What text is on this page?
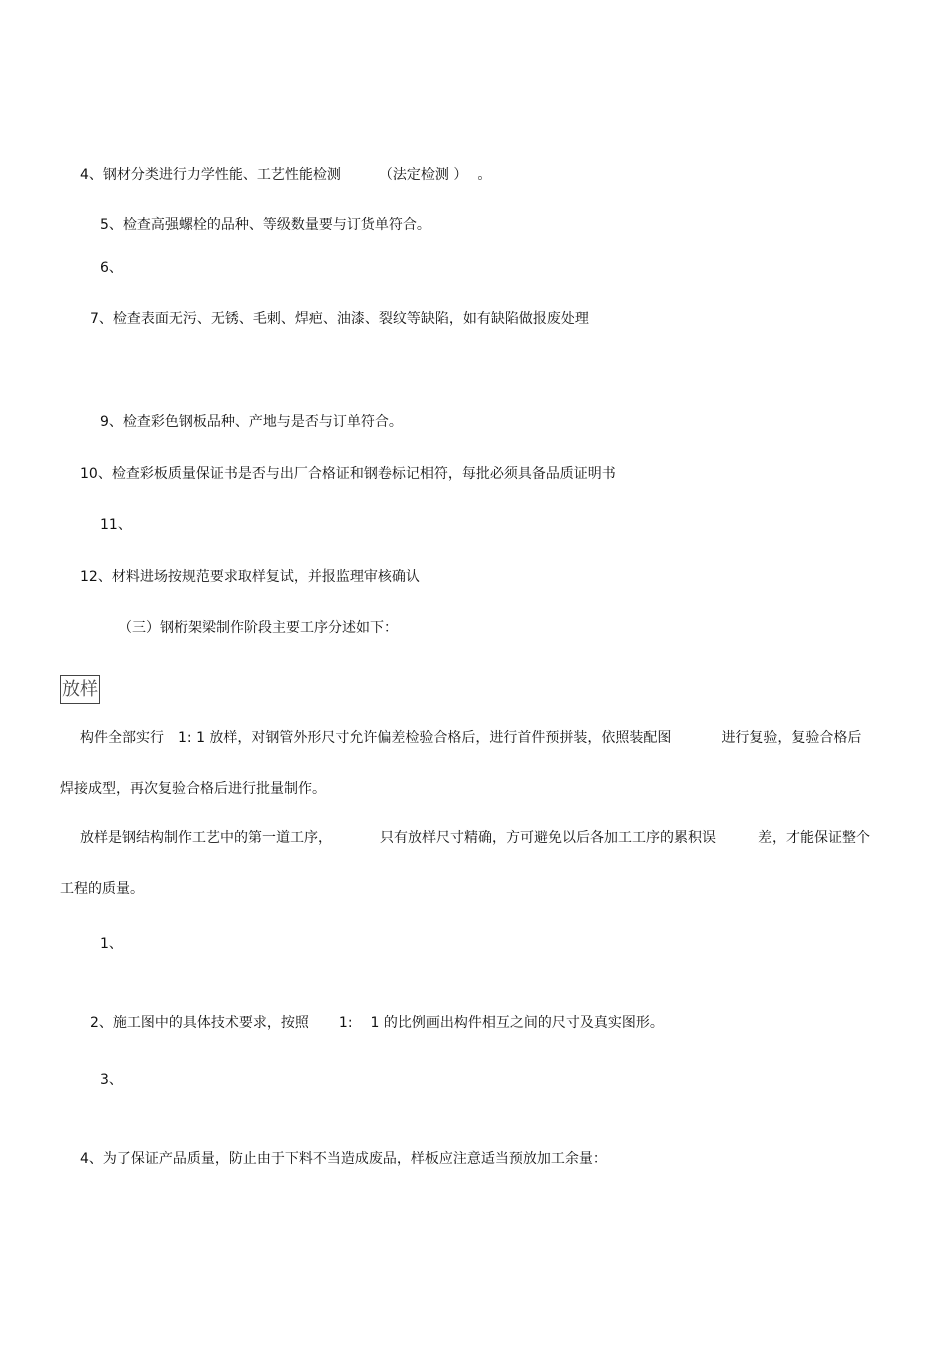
4、钢材分类进行力学性能、工艺性能检测	（法定检测 ） 。
5、检查高强螺栓的品种、等级数量要与订货单符合。
6、
7、检查表面无污、无锈、毛刺、焊疤、油漆、裂纹等缺陷，如有缺陷做报废处理
9、检查彩色钢板品种、产地与是否与订单符合。
10、检查彩板质量保证书是否与出厂合格证和钢卷标记相符，每批必须具备品质证明书
11、
12、材料进场按规范要求取样复试，并报监理审核确认
（三）钢桁架梁制作阶段主要工序分述如下：
放样
构件全部实行 1: 1 放样，对钢管外形尺寸允许偏差检验合格后，进行首件预拼装，依照装配图	进行复验，复验合格后
焊接成型，再次复验合格后进行批量制作。
放样是钢结构制作工艺中的第一道工序，	只有放样尺寸精确，方可避免以后各加工工序的累积误	差，才能保证整个
工程的质量。
1、
2、施工图中的具体技术要求，按照 1: 1 的比例画出构件相互之间的尺寸及真实图形。
3、
4、为了保证产品质量，防止由于下料不当造成废品，样板应注意适当预放加工余量：
